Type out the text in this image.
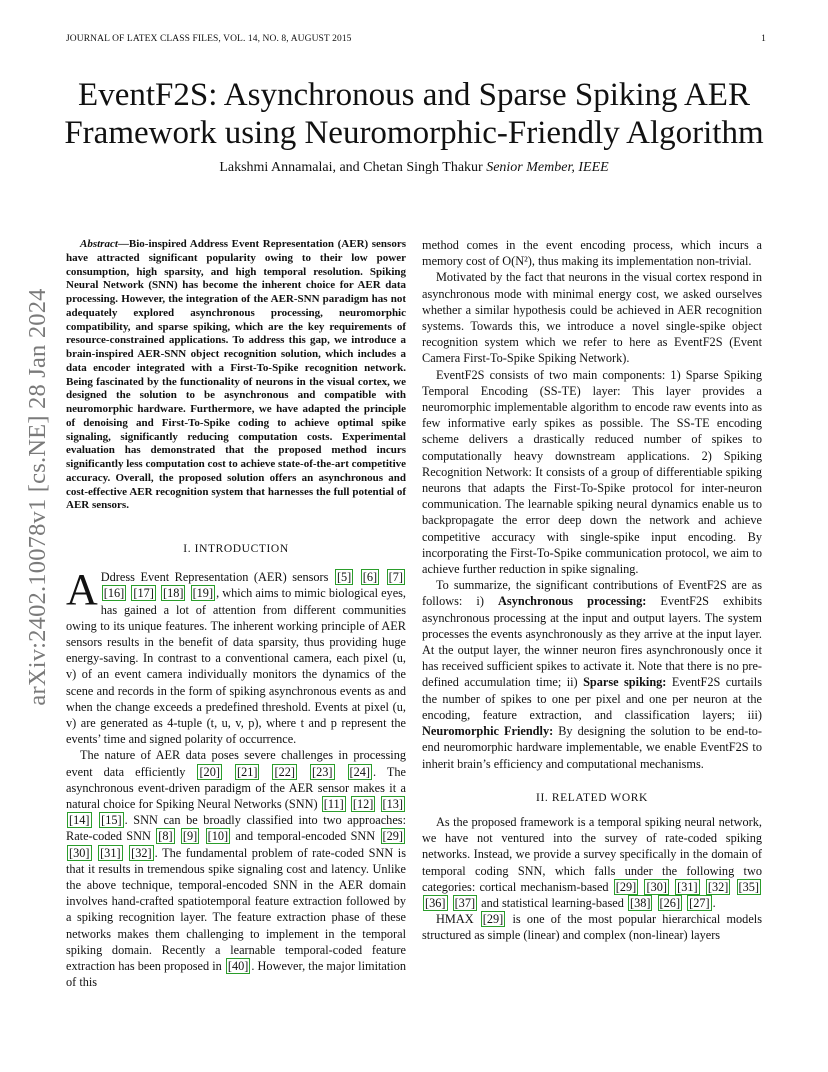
JOURNAL OF LATEX CLASS FILES, VOL. 14, NO. 8, AUGUST 2015	1
arXiv:2402.10078v1 [cs.NE] 28 Jan 2024
EventF2S: Asynchronous and Sparse Spiking AER Framework using Neuromorphic-Friendly Algorithm
Lakshmi Annamalai, and Chetan Singh Thakur Senior Member, IEEE

Abstract—Bio-inspired Address Event Representation (AER) sensors have attracted significant popularity owing to their low power consumption, high sparsity, and high temporal resolution. Spiking Neural Network (SNN) has become the inherent choice for AER data processing. However, the integration of the AER-SNN paradigm has not adequately explored asynchronous processing, neuromorphic compatibility, and sparse spiking, which are the key requirements of resource-constrained applications. To address this gap, we introduce a brain-inspired AER-SNN object recognition solution, which includes a data encoder integrated with a First-To-Spike recognition network. Being fascinated by the functionality of neurons in the visual cortex, we designed the solution to be asynchronous and compatible with neuromorphic hardware. Furthermore, we have adapted the principle of denoising and First-To-Spike coding to achieve optimal spike signaling, significantly reducing computation costs. Experimental evaluation has demonstrated that the proposed method incurs significantly less computation cost to achieve state-of-the-art competitive accuracy. Overall, the proposed solution offers an asynchronous and cost-effective AER recognition system that harnesses the full potential of AER sensors.

I. INTRODUCTION

A Ddress Event Representation (AER) sensors [5] [6] [7] [16] [17] [18] [19] , which aims to mimic biological eyes, has gained a lot of attention from different communities owing to its unique features. The inherent working principle of AER sensors results in the benefit of data sparsity, thus providing huge energy-saving. In contrast to a conventional camera, each pixel (u, v) of an event camera individually monitors the dynamics of the scene and records in the form of spiking asynchronous events as and when the change exceeds a predefined threshold. Events at pixel (u, v) are generated as 4-tuple (t, u, v, p), where t and p represent the events’ time and signed polarity of occurrence.

The nature of AER data poses severe challenges in processing event data efficiently [20] [21] [22] [23] [24] . The asynchronous event-driven paradigm of the AER sensor makes it a natural choice for Spiking Neural Networks (SNN) [11] [12] [13] [14] [15] . SNN can be broadly classified into two approaches: Rate-coded SNN [8] [9] [10] and temporal-encoded SNN [29] [30] [31] [32] . The fundamental problem of rate-coded SNN is that it results in tremendous spike signaling cost and latency. Unlike the above technique, temporal-encoded SNN in the AER domain involves hand-crafted spatiotemporal feature extraction followed by a spiking recognition layer. The feature extraction phase of these networks makes them challenging to implement in the temporal spiking domain. Recently a learnable temporal-coded feature extraction has been proposed in [40] . However, the major limitation of this

method comes in the event encoding process, which incurs a memory cost of O(N²), thus making its implementation non-trivial.

Motivated by the fact that neurons in the visual cortex respond in asynchronous mode with minimal energy cost, we asked ourselves whether a similar hypothesis could be achieved in AER recognition systems. Towards this, we introduce a novel single-spike object recognition system which we refer to here as EventF2S (Event Camera First-To-Spike Spiking Network).

EventF2S consists of two main components: 1) Sparse Spiking Temporal Encoding (SS-TE) layer: This layer provides a neuromorphic implementable algorithm to encode raw events into as few informative early spikes as possible. The SS-TE encoding scheme delivers a drastically reduced number of spikes to computationally heavy downstream applications. 2) Spiking Recognition Network: It consists of a group of differentiable spiking neurons that adapts the First-To-Spike protocol for inter-neuron communication. The learnable spiking neural dynamics enable us to backpropagate the error deep down the network and achieve competitive accuracy with single-spike input encoding. By incorporating the First-To-Spike communication protocol, we aim to achieve further reduction in spike signaling.

To summarize, the significant contributions of EventF2S are as follows: i) Asynchronous processing: EventF2S exhibits asynchronous processing at the input and output layers. The system processes the events asynchronously as they arrive at the input layer. At the output layer, the winner neuron fires asynchronously once it has received sufficient spikes to activate it. Note that there is no pre-defined accumulation time; ii) Sparse spiking: EventF2S curtails the number of spikes to one per pixel and one per neuron at the encoding, feature extraction, and classification layers; iii) Neuromorphic Friendly: By designing the solution to be end-to-end neuromorphic hardware implementable, we enable EventF2S to inherit brain’s efficiency and computational mechanisms.

II. RELATED WORK

As the proposed framework is a temporal spiking neural network, we have not ventured into the survey of rate-coded spiking networks. Instead, we provide a survey specifically in the domain of temporal coding SNN, which falls under the following two categories: cortical mechanism-based [29] [30] [31] [32] [35] [36] [37] and statistical learning-based [38] [26] [27] .

HMAX [29] is one of the most popular hierarchical models structured as simple (linear) and complex (non-linear) layers
